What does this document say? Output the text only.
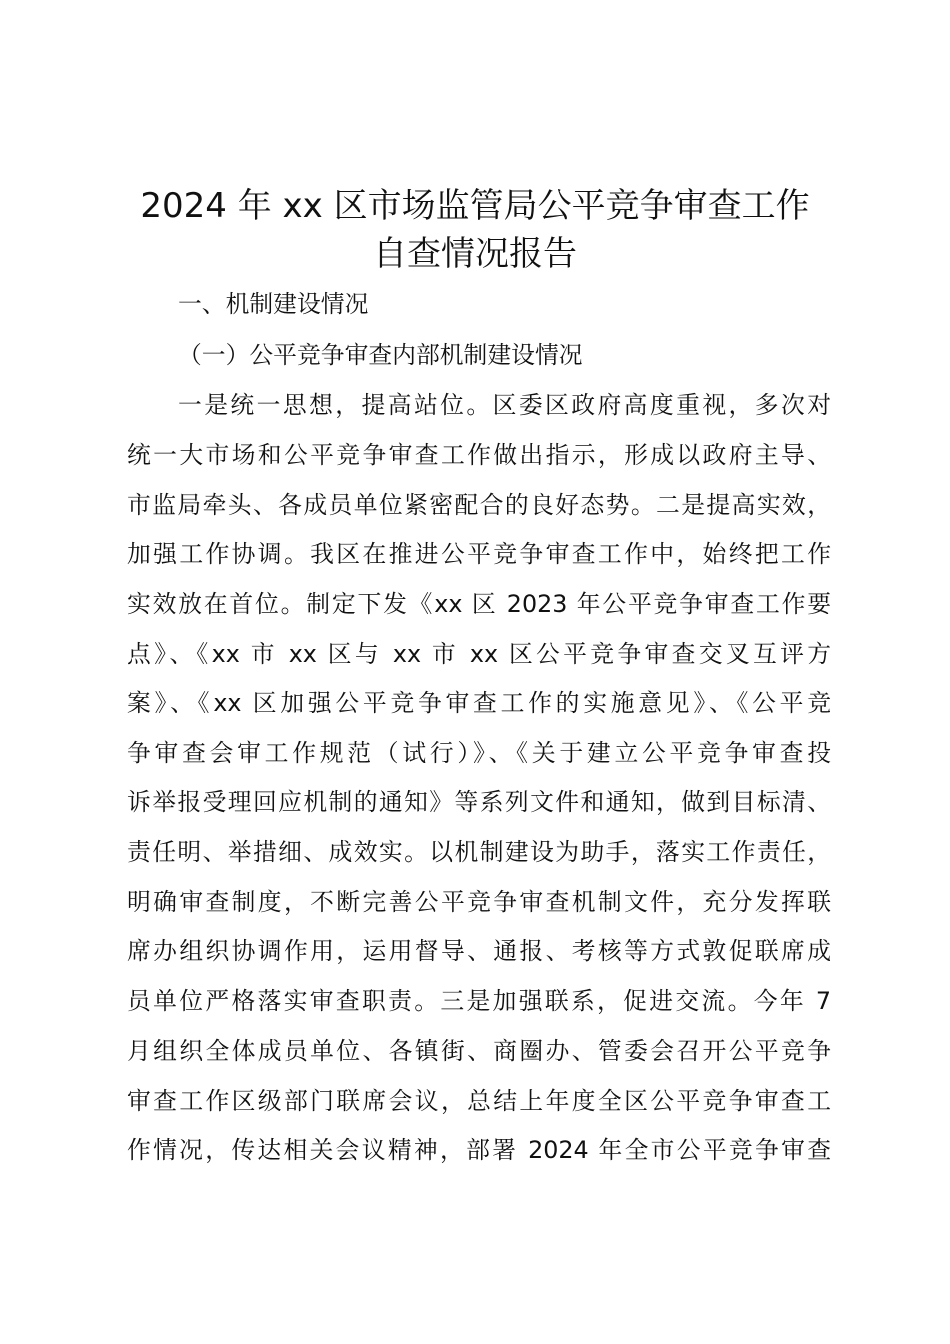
2024 年 xx 区市场监管局公平竞争审查工作
自查情况报告
一、机制建设情况
（一）公平竞争审查内部机制建设情况
一是统一思想，提高站位。区委区政府高度重视，多次对
统一大市场和公平竞争审查工作做出指示，形成以政府主导、
市监局牵头、各成员单位紧密配合的良好态势。二是提高实效，
加强工作协调。我区在推进公平竞争审查工作中，始终把工作
实效放在首位。制定下发《xx 区 2023 年公平竞争审查工作要
点》、《xx 市 xx 区与 xx 市 xx 区公平竞争审查交叉互评方
案》、《xx 区加强公平竞争审查工作的实施意见》、《公平竞
争审查会审工作规范（试行）》、《关于建立公平竞争审查投
诉举报受理回应机制的通知》等系列文件和通知，做到目标清、
责任明、举措细、成效实。以机制建设为助手，落实工作责任，
明确审查制度，不断完善公平竞争审查机制文件，充分发挥联
席办组织协调作用，运用督导、通报、考核等方式敦促联席成
员单位严格落实审查职责。三是加强联系，促进交流。今年 7
月组织全体成员单位、各镇街、商圈办、管委会召开公平竞争
审查工作区级部门联席会议，总结上年度全区公平竞争审查工
作情况，传达相关会议精神，部署 2024 年全市公平竞争审查
